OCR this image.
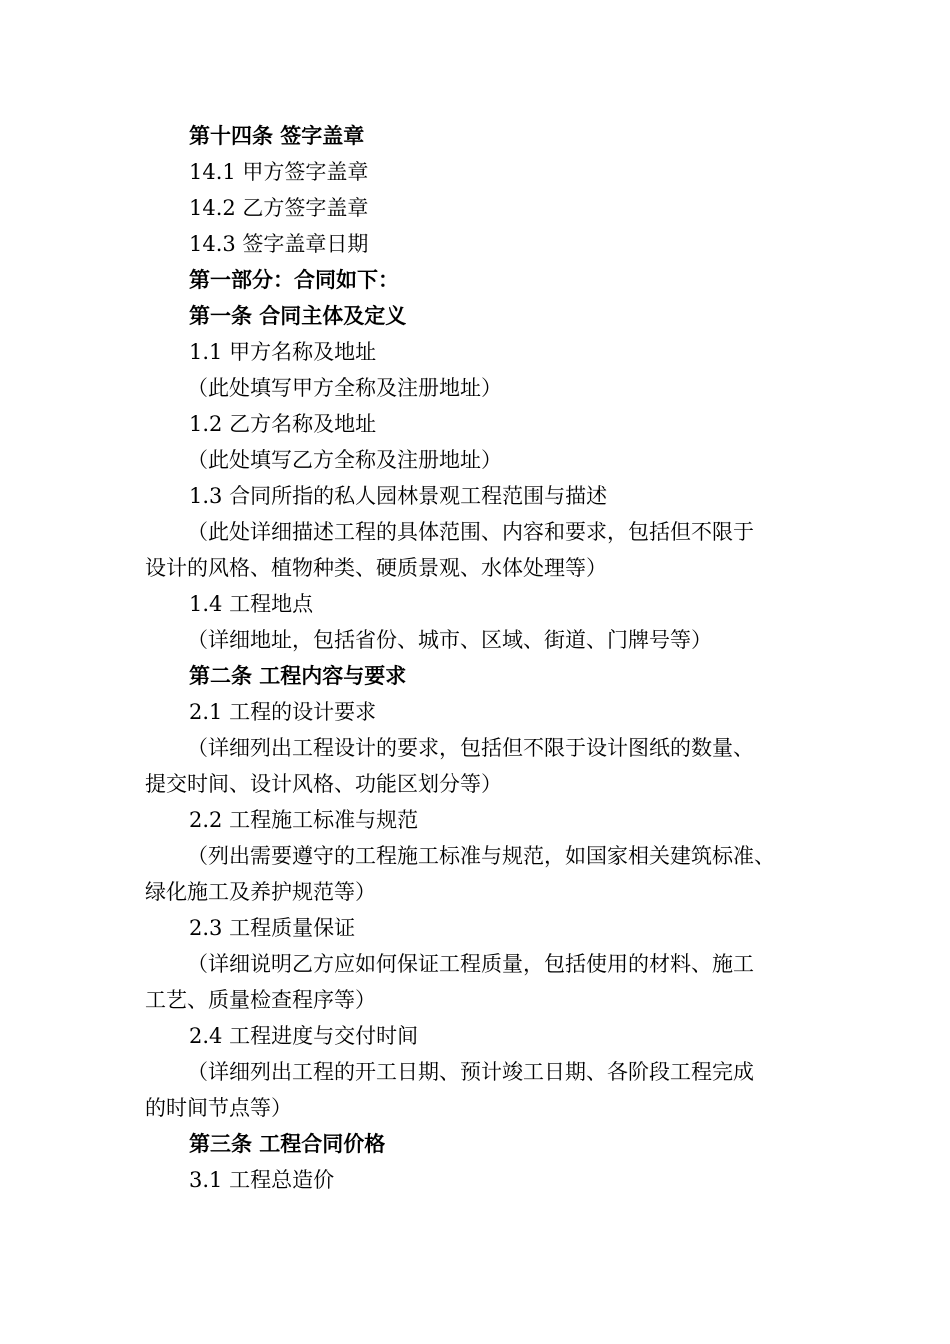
第十四条 签字盖章
14.1 甲方签字盖章
14.2 乙方签字盖章
14.3 签字盖章日期
第一部分：合同如下：
第一条 合同主体及定义
1.1 甲方名称及地址
（此处填写甲方全称及注册地址）
1.2 乙方名称及地址
（此处填写乙方全称及注册地址）
1.3 合同所指的私人园林景观工程范围与描述
（此处详细描述工程的具体范围、内容和要求，包括但不限于
设计的风格、植物种类、硬质景观、水体处理等）
1.4 工程地点
（详细地址，包括省份、城市、区域、街道、门牌号等）
第二条 工程内容与要求
2.1 工程的设计要求
（详细列出工程设计的要求，包括但不限于设计图纸的数量、
提交时间、设计风格、功能区划分等）
2.2 工程施工标准与规范
（列出需要遵守的工程施工标准与规范，如国家相关建筑标准、
绿化施工及养护规范等）
2.3 工程质量保证
（详细说明乙方应如何保证工程质量，包括使用的材料、施工
工艺、质量检查程序等）
2.4 工程进度与交付时间
（详细列出工程的开工日期、预计竣工日期、各阶段工程完成
的时间节点等）
第三条 工程合同价格
3.1 工程总造价
